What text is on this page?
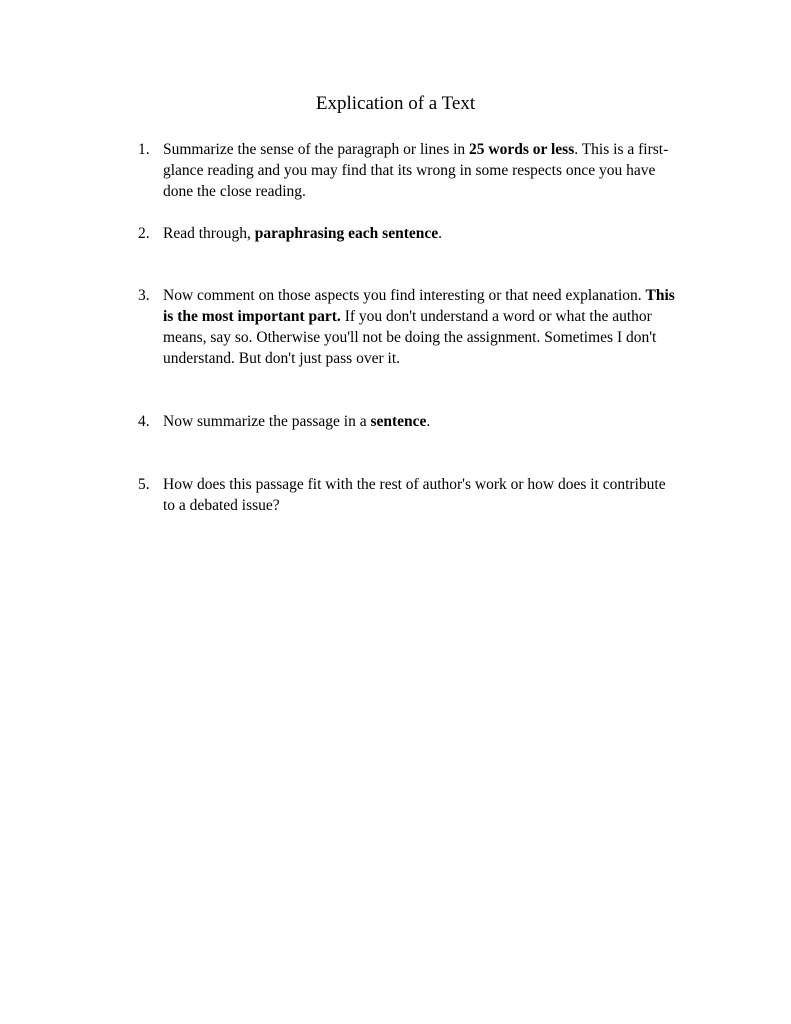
Explication of a Text
1. Summarize the sense of the paragraph or lines in 25 words or less. This is a first-glance reading and you may find that its wrong in some respects once you have done the close reading.
2. Read through, paraphrasing each sentence.
3. Now comment on those aspects you find interesting or that need explanation. This is the most important part. If you don't understand a word or what the author means, say so. Otherwise you'll not be doing the assignment. Sometimes I don't understand. But don't just pass over it.
4. Now summarize the passage in a sentence.
5. How does this passage fit with the rest of author's work or how does it contribute to a debated issue?
